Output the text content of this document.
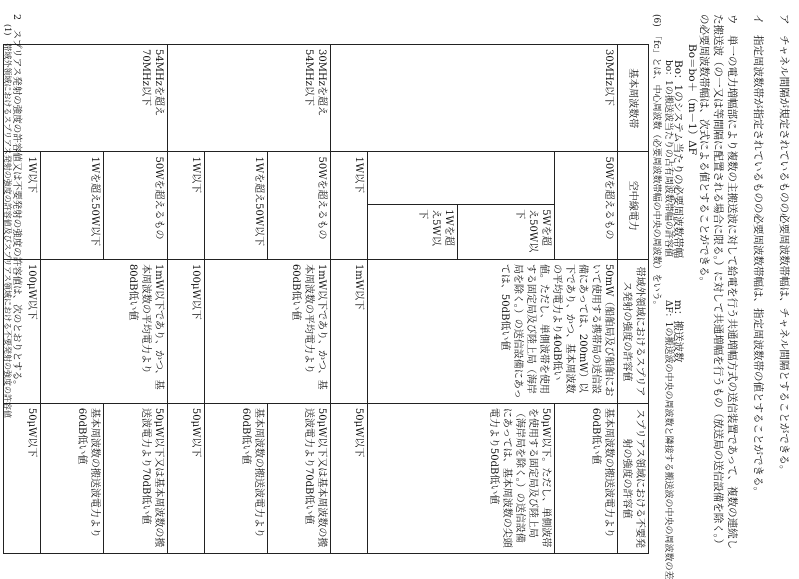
ア　チャネル間隔が規定されているものの必要周波数帯幅は、チャネル間隔とすることができる。
イ　指定周波数帯が指定されているものの必要周波数帯幅は、指定周波数帯の値とすることができる。
ウ　単一の電力増幅部により複数の主搬送波に対して給電を行う共通増幅方式の送信装置であって、複数の連続した搬送波（の一又は等間隔に配置される場合に限る。）に対して共通増幅を行うもの（放送局の送信設備を除く。）の必要周波数帯幅は、次式による値とすることができる。
Bo＝bo＋（m－1）ΔF
Bo：1のシステム当たりの必要周波数帯幅
bo：1の搬送波当たりの占有周波数帯幅の許容値
m：搬送波数
ΔF：1の搬送波の中央の周波数と隣接する搬送波の中央の周波数の差
(6)　「fc」とは、中心周波数（必要周波数帯幅の中央の周波数）をいう。
基本周波数帯	空中線電力		帯域外領域におけるスプリアス発射の強度の許容値	スプリアス領域における不要発射の強度の許容値
30MHz以下	50Wを超えるもの		50mW（船舶局及び船舶において使用する携帯局の送信設備にあっては、200mW）以下であり、かつ、基本周波数の平均電力より40dB低い値。ただし、単側波帯を使用する固定局及び陸上局（海岸局を除く。）の送信設備にあっては、50dB低い値	基本周波数の搬送波電力より60dB低い値
		5Wを超え50W以下		50μW以下。ただし、単側波帯を使用する固定局及び陸上局（海岸局を除く。）の送信設備にあっては、基本周波数の尖頭電力より50dB低い値
		1Wを超え5W以下		
	1W以下		1mW以下	50μW以下
30MHzを超え54MHz以下	50Wを超えるもの		1mW以下であり、かつ、基本周波数の平均電力より60dB低い値	50μW以下又は基本周波数の搬送波電力より70dB低い値
	1Wを超え50W以下			基本周波数の搬送波電力より60dB低い値
	1W以下		100μW以下	50μW以下
54MHzを超え70MHz以下	50Wを超えるもの		1mW以下であり、かつ、基本周波数の平均電力より80dB低い値	50μW以下又は基本周波数の搬送波電力より70dB低い値
	1Wを超え50W以下			基本周波数の搬送波電力より60dB低い値
	1W以下		100μW以下	50μW以下
2　スプリアス発射の強度の許容値又は不要発射の強度の許容値は、次のとおりとする。
(1)　帯域外領域におけるスプリアス発射の強度の許容値及びスプリアス領域における不要発射の強度の許容値
